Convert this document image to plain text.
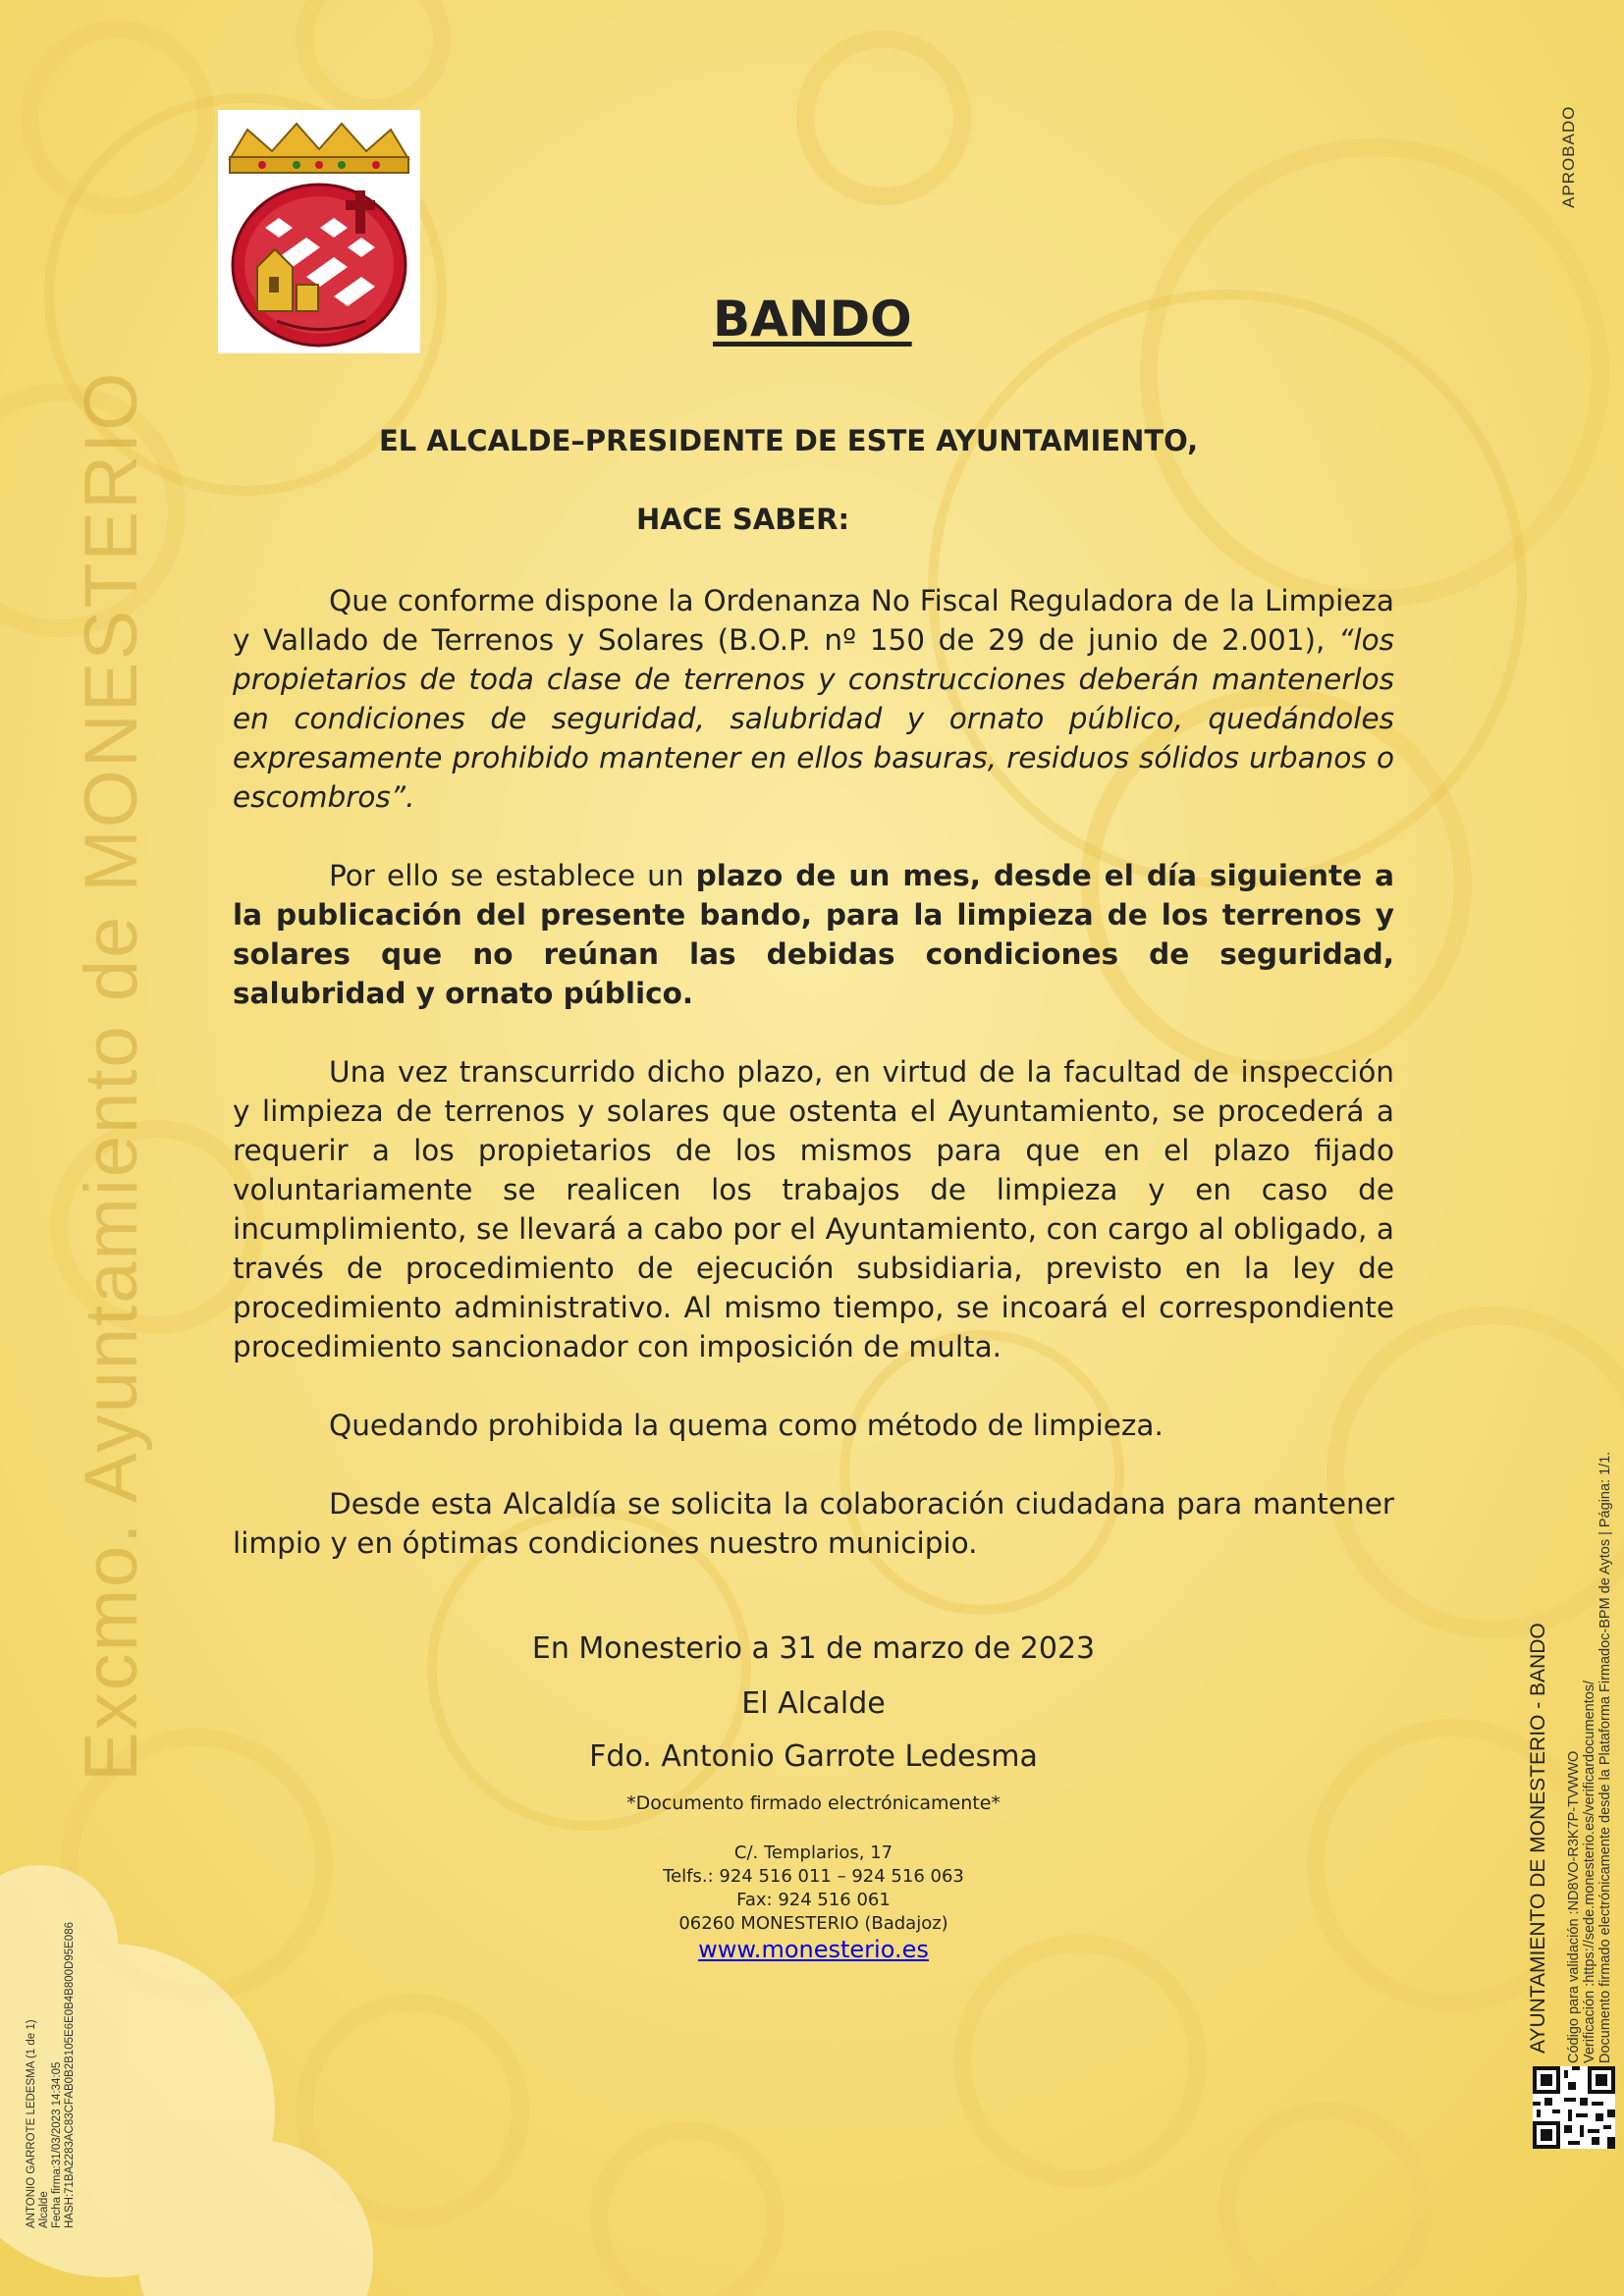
APROBADO
Excmo. Ayuntamiento de MONESTERIO
ANTONIO GARROTE LEDESMA (1 de 1) Alcalde Fecha firma:31/03/2023 14:34:05 HASH:71BA2283AC83CFAB0B2B105E6E0B4B800D95E086
AYUNTAMIENTO DE MONESTERIO - BANDO Código para validación :ND8VO-R3K7P-TVWWO Verificación :https://sede.monesterio.es/verificardocumentos/ Documento firmado electrónicamente desde la Plataforma Firmadoc-BPM de Aytos | Página: 1/1.
BANDO
EL ALCALDE–PRESIDENTE DE ESTE AYUNTAMIENTO,
HACE SABER:
Que conforme dispone la Ordenanza No Fiscal Reguladora de la Limpieza y Vallado de Terrenos y Solares (B.O.P. nº 150 de 29 de junio de 2.001), “los propietarios de toda clase de terrenos y construcciones deberán mantenerlos en condiciones de seguridad, salubridad y ornato público, quedándoles expresamente prohibido mantener en ellos basuras, residuos sólidos urbanos o escombros”.
Por ello se establece un plazo de un mes, desde el día siguiente a la publicación del presente bando, para la limpieza de los terrenos y solares que no reúnan las debidas condiciones de seguridad, salubridad y ornato público.
Una vez transcurrido dicho plazo, en virtud de la facultad de inspección y limpieza de terrenos y solares que ostenta el Ayuntamiento, se procederá a requerir a los propietarios de los mismos para que en el plazo fijado voluntariamente se realicen los trabajos de limpieza y en caso de incumplimiento, se llevará a cabo por el Ayuntamiento, con cargo al obligado, a través de procedimiento de ejecución subsidiaria, previsto en la ley de procedimiento administrativo. Al mismo tiempo, se incoará el correspondiente procedimiento sancionador con imposición de multa.
Quedando prohibida la quema como método de limpieza.
Desde esta Alcaldía se solicita la colaboración ciudadana para mantener limpio y en óptimas condiciones nuestro municipio.
En Monesterio a 31 de marzo de 2023
El Alcalde
Fdo. Antonio Garrote Ledesma
*Documento firmado electrónicamente*
C/. Templarios, 17
Telfs.: 924 516 011 – 924 516 063
Fax: 924 516 061
06260 MONESTERIO (Badajoz)
www.monesterio.es
